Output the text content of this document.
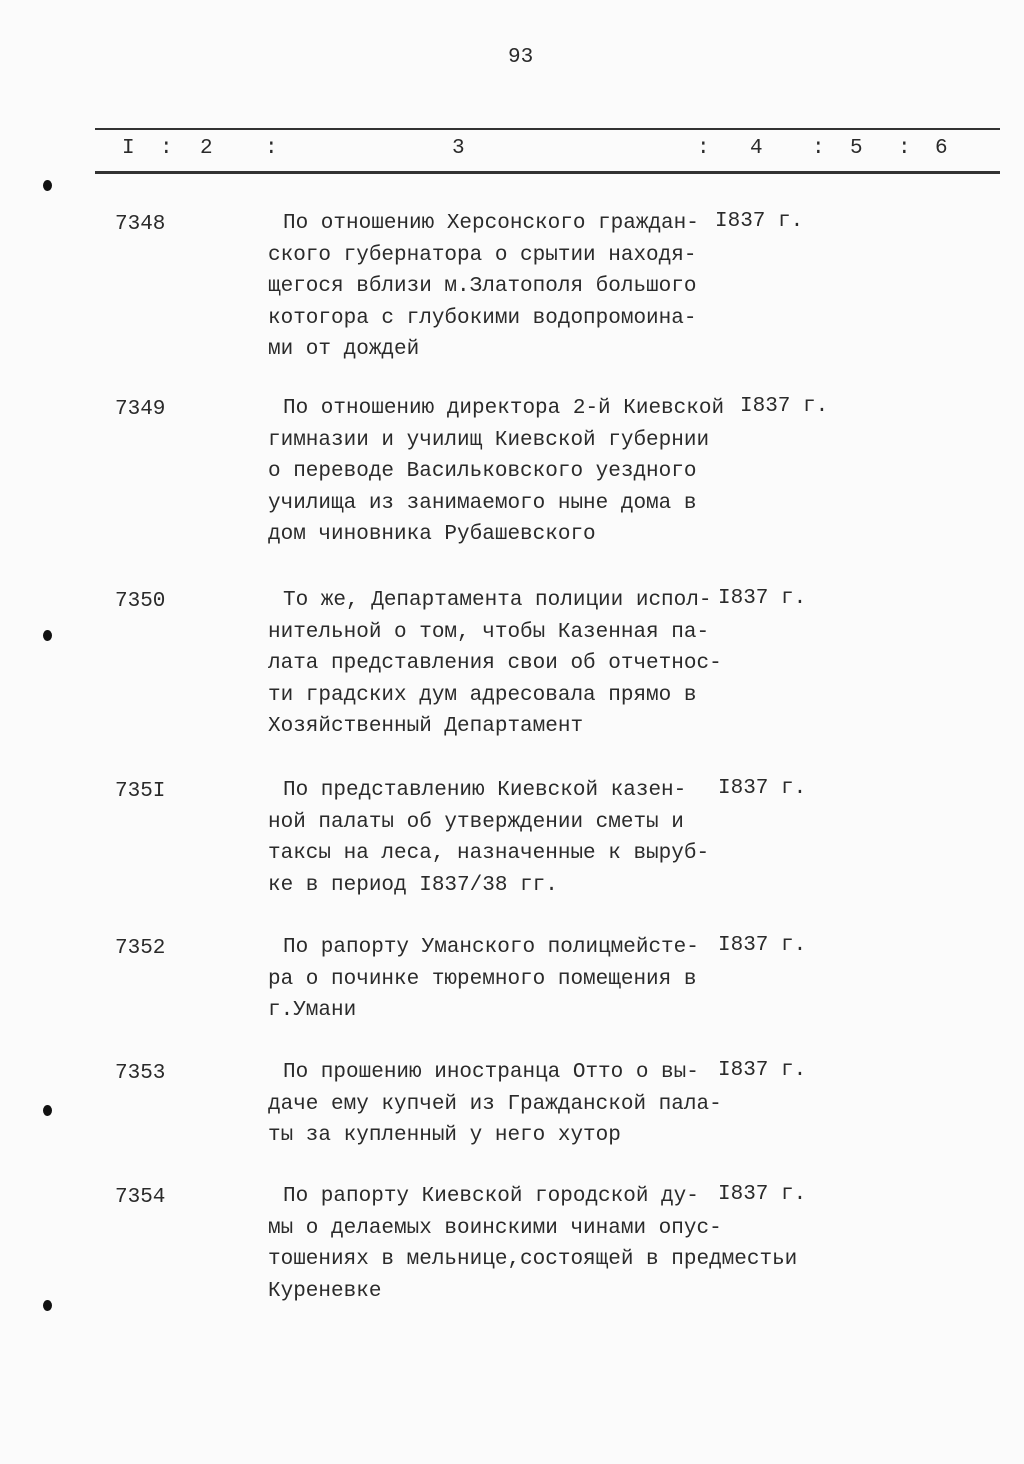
93
I : 2 :	3	: 4 : 5 : 6
7348	По отношению Херсонского граждан-
ского губернатора о срытии находя-
щегося вблизи м.Златополя большого
котогора с глубокими водопромоина-
ми от дождей
I837 г.
7349	По отношению директора 2-й Киевской
гимназии и училищ Киевской губернии
о переводе Васильковского уездного
училища из занимаемого ныне дома в
дом чиновника Рубашевского
I837 г.
7350	То же, Департамента полиции испол-
нительной о том, чтобы Казенная па-
лата представления свои об отчетнос-
ти градских дум адресовала прямо в
Хозяйственный Департамент
I837 г.
735I	По представлению Киевской казен-
ной палаты об утверждении сметы и
таксы на леса, назначенные к выруб-
ке в период I837/38 гг.
I837 г.
7352	По рапорту Уманского полицмейсте-
ра о починке тюремного помещения в
г.Умани
I837 г.
7353	По прошению иностранца Отто о вы-
даче ему купчей из Гражданской пала-
ты за купленный у него хутор
I837 г.
7354	По рапорту Киевской городской ду-
мы о делаемых воинскими чинами опус-
тошениях в мельнице,состоящей в предместьи
Куреневке
I837 г.
